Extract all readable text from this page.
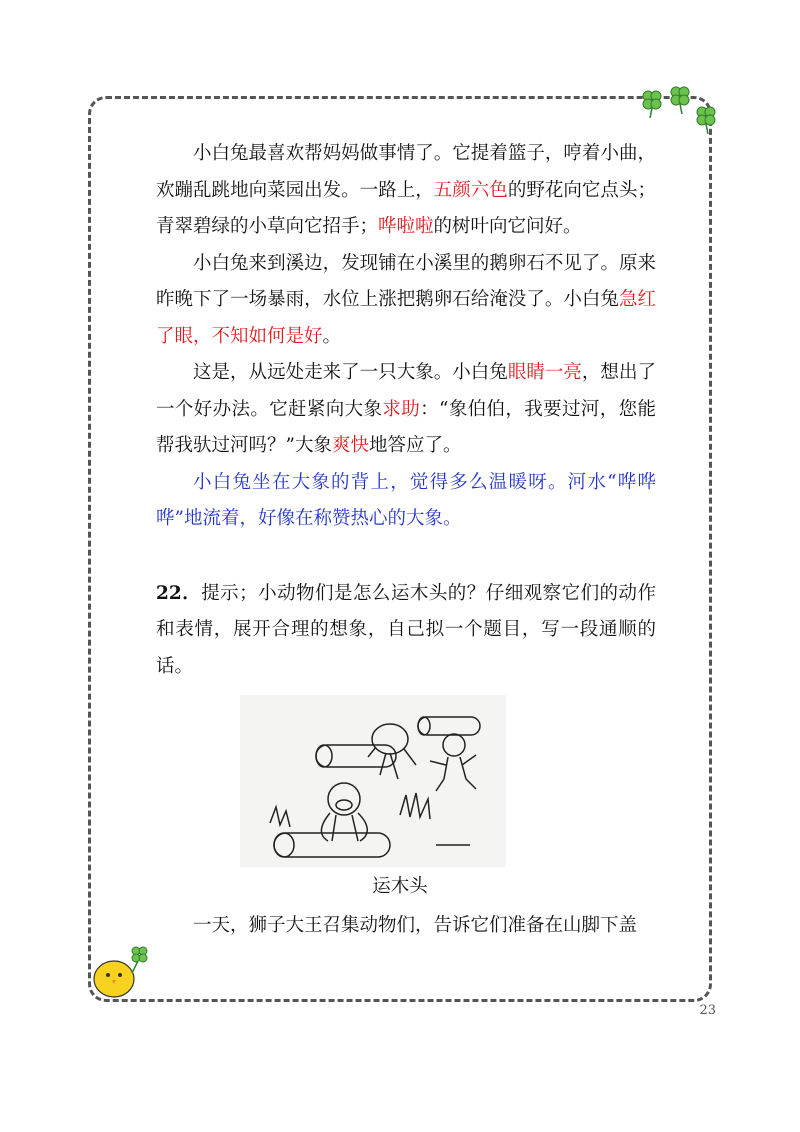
小白兔最喜欢帮妈妈做事情了。它提着篮子，哼着小曲，欢蹦乱跳地向菜园出发。一路上，五颜六色的野花向它点头；青翠碧绿的小草向它招手；哗啦啦的树叶向它问好。

小白兔来到溪边，发现铺在小溪里的鹅卵石不见了。原来昨晚下了一场暴雨，水位上涨把鹅卵石给淹没了。小白兔急红了眼，不知如何是好。

这是，从远处走来了一只大象。小白兔眼睛一亮，想出了一个好办法。它赶紧向大象求助：“象伯伯，我要过河，您能帮我驮过河吗？”大象爽快地答应了。

小白兔坐在大象的背上，觉得多么温暖呀。河水“哗哗哗”地流着，好像在称赞热心的大象。

22．提示；小动物们是怎么运木头的？仔细观察它们的动作和表情，展开合理的想象，自己拟一个题目，写一段通顺的话。

运木头

一天，狮子大王召集动物们，告诉它们准备在山脚下盖

23
